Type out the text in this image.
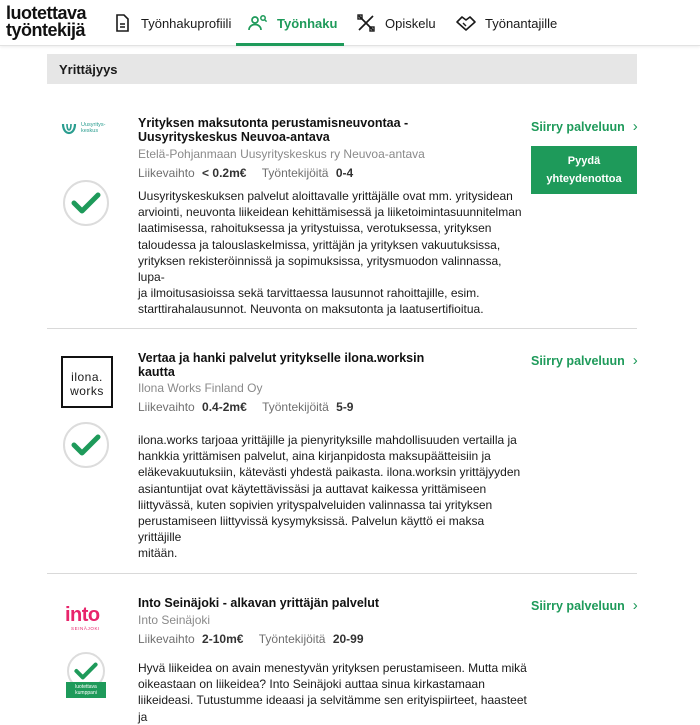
luotettava
työntekijä	Työnhakuprofiili	Työnhaku	Opiskelu	Työnantajille
Yrittäjyys
Uusyritys- keskus
Yrityksen maksutonta perustamisneuvontaa -
Uusyrityskeskus Neuvoa-antava
Etelä-Pohjanmaan Uusyrityskeskus ry Neuvoa-antava
Liikevaihto < 0.2m€ Työntekijöitä 0-4
Uusyrityskeskuksen palvelut aloittavalle yrittäjälle ovat mm. yritysidean
arviointi, neuvonta liikeidean kehittämisessä ja liiketoimintasuunnitelman
laatimisessa, rahoituksessa ja yritystuissa, verotuksessa, yrityksen
taloudessa ja talouslaskelmissa, yrittäjän ja yrityksen vakuutuksissa,
yrityksen rekisteröinnissä ja sopimuksissa, yritysmuodon valinnassa, lupa-
ja ilmoitusasioissa sekä tarvittaessa lausunnot rahoittajille, esim.
starttirahalausunnot. Neuvonta on maksutonta ja laatusertifioitua.
Siirry palveluun ›
Pyydä
yhteydenottoa
ilona.
works
Vertaa ja hanki palvelut yritykselle ilona.worksin
kautta
Ilona Works Finland Oy
Liikevaihto 0.4-2m€ Työntekijöitä 5-9
ilona.works tarjoaa yrittäjille ja pienyrityksille mahdollisuuden vertailla ja
hankkia yrittämisen palvelut, aina kirjanpidosta maksupäätteisiin ja
eläkevakuutuksiin, kätevästi yhdestä paikasta. ilona.worksin yrittäjyyden
asiantuntijat ovat käytettävissäsi ja auttavat kaikessa yrittämiseen
liittyvässä, kuten sopivien yrityspalveluiden valinnassa tai yrityksen
perustamiseen liittyvissä kysymyksissä. Palvelun käyttö ei maksa yrittäjille
mitään.
Siirry palveluun ›
into
SEINÄJOKI
luotettava kumppani
Into Seinäjoki - alkavan yrittäjän palvelut
Into Seinäjoki
Liikevaihto 2-10m€ Työntekijöitä 20-99
Hyvä liikeidea on avain menestyvän yrityksen perustamiseen. Mutta mikä
oikeastaan on liikeidea? Into Seinäjoki auttaa sinua kirkastamaan
liikeideasi. Tutustumme ideaasi ja selvitämme sen erityispiirteet, haasteet ja
Siirry palveluun ›
